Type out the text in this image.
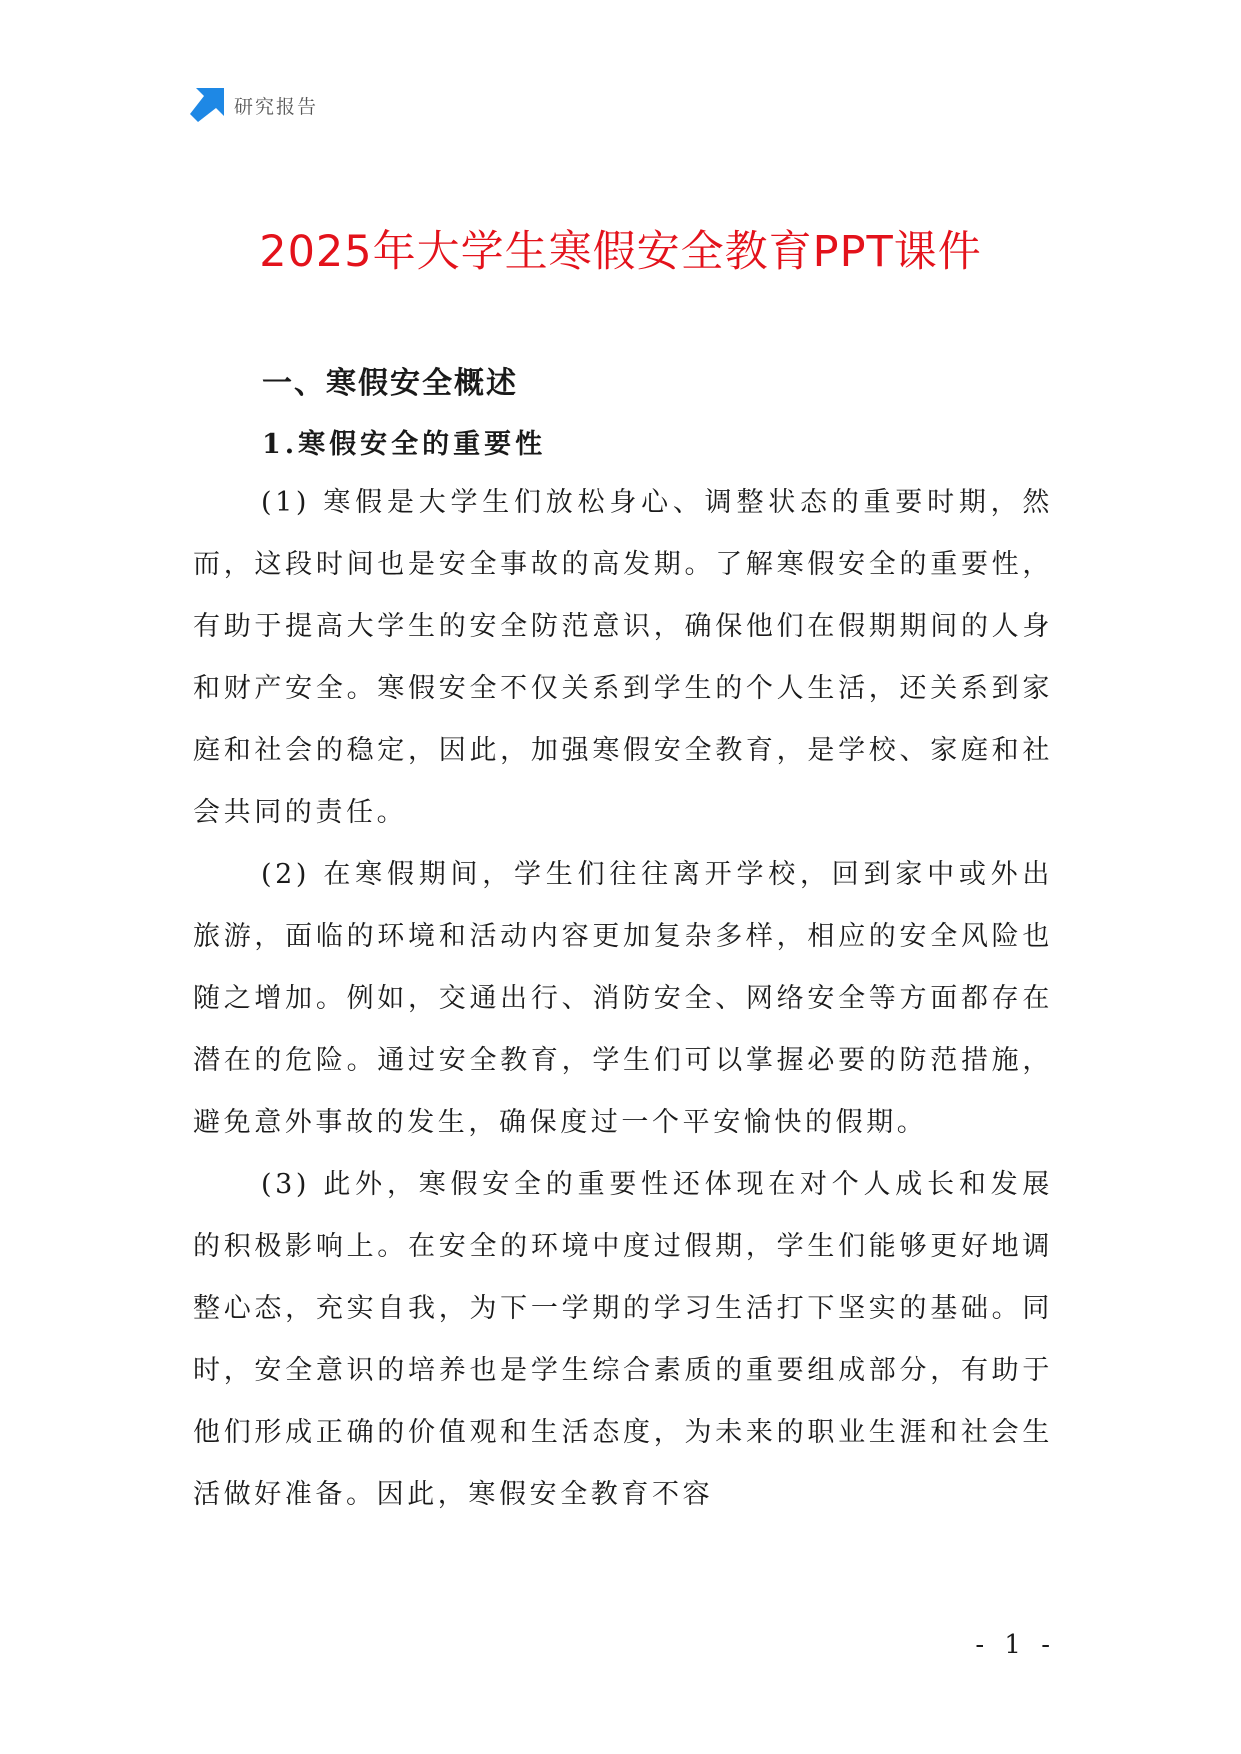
研究报告
2025年大学生寒假安全教育PPT课件
一、寒假安全概述
1.寒假安全的重要性

(1) 寒假是大学生们放松身心、调整状态的重要时期，然而，这段时间也是安全事故的高发期。了解寒假安全的重要性，有助于提高大学生的安全防范意识，确保他们在假期期间的人身和财产安全。寒假安全不仅关系到学生的个人生活，还关系到家庭和社会的稳定，因此，加强寒假安全教育，是学校、家庭和社会共同的责任。

(2) 在寒假期间，学生们往往离开学校，回到家中或外出旅游，面临的环境和活动内容更加复杂多样，相应的安全风险也随之增加。例如，交通出行、消防安全、网络安全等方面都存在潜在的危险。通过安全教育，学生们可以掌握必要的防范措施，避免意外事故的发生，确保度过一个平安愉快的假期。

(3) 此外，寒假安全的重要性还体现在对个人成长和发展的积极影响上。在安全的环境中度过假期，学生们能够更好地调整心态，充实自我，为下一学期的学习生活打下坚实的基础。同时，安全意识的培养也是学生综合素质的重要组成部分，有助于他们形成正确的价值观和生活态度，为未来的职业生涯和社会生活做好准备。因此，寒假安全教育不容

- 1 -
